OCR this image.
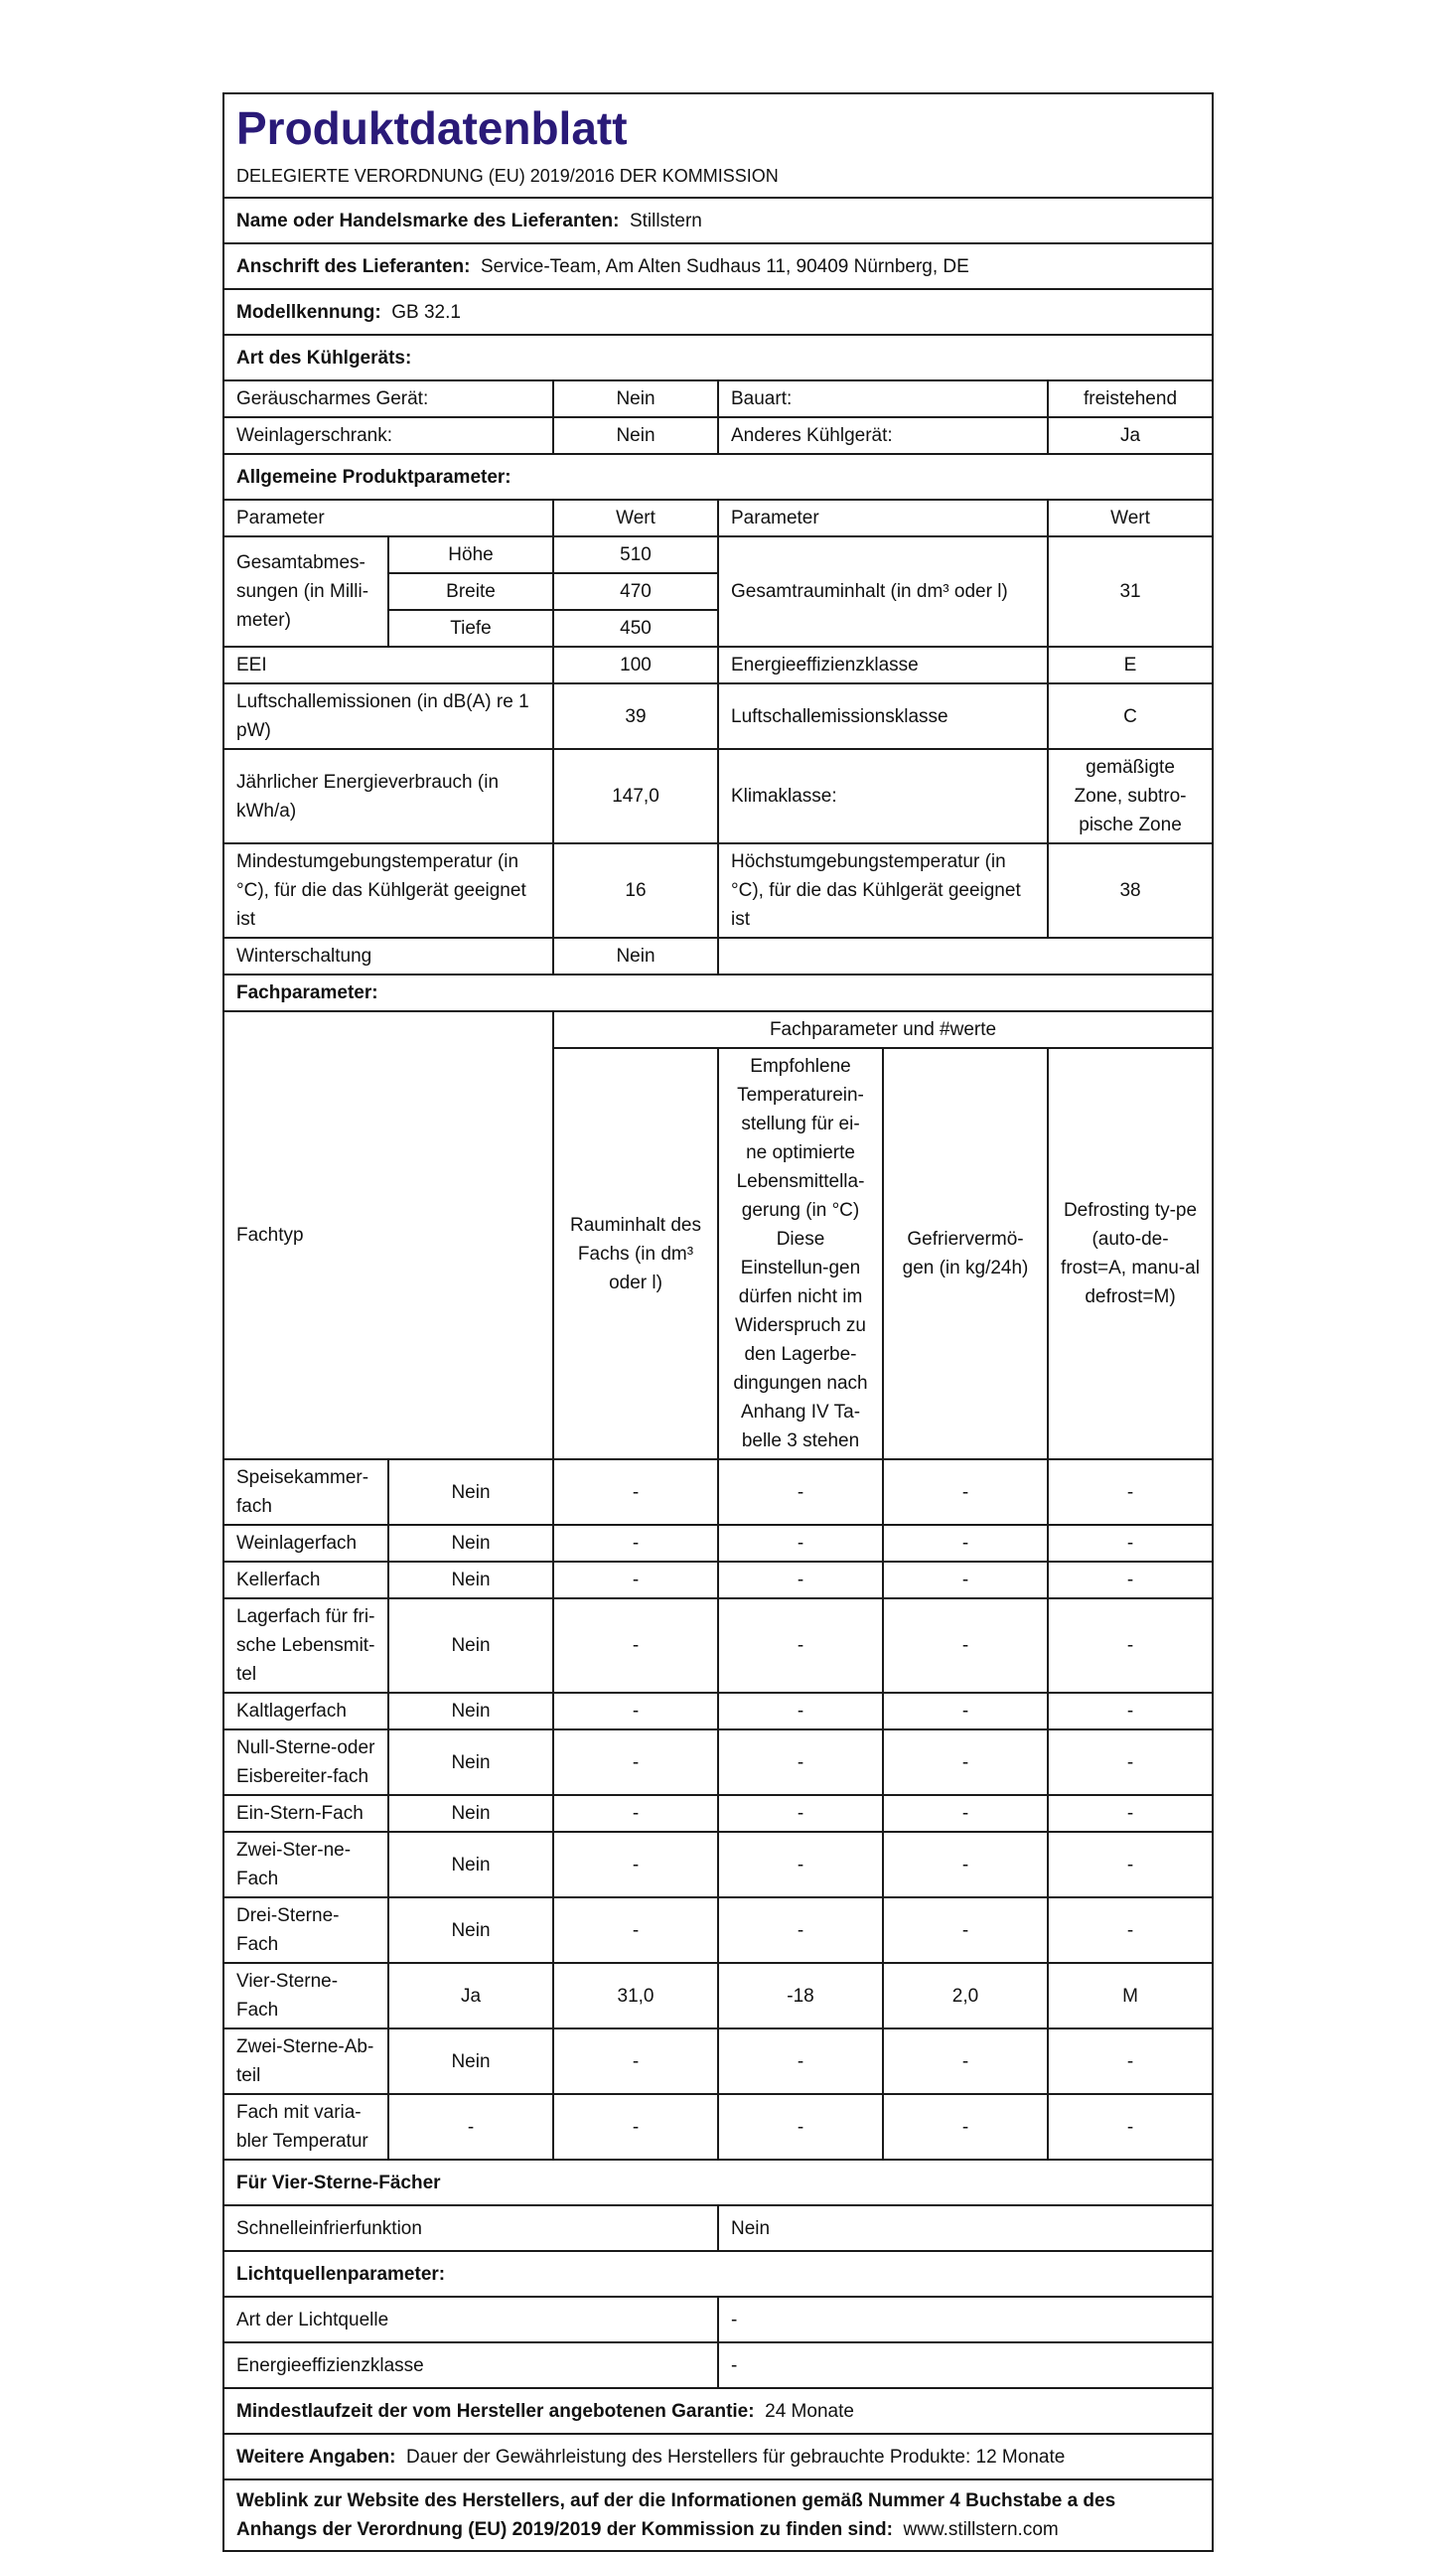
Produktdatenblatt					
DELEGIERTE VERORDNUNG (EU) 2019/2016 DER KOMMISSION					
Name oder Handelsmarke des Lieferanten: Stillstern					
Anschrift des Lieferanten: Service-Team, Am Alten Sudhaus 11, 90409 Nürnberg, DE					
Modellkennung: GB 32.1					
Art des Kühlgeräts:					
Geräuscharmes Gerät:		Nein	Bauart:		freistehend
Weinlagerschrank:		Nein	Anderes Kühlgerät:		Ja
Allgemeine Produktparameter:					
Parameter		Wert	Parameter		Wert
Gesamtabmes-
sungen (in Milli-
meter)	Höhe	510	Gesamtrauminhalt (in dm³ oder l)		31
	Breite	470			
	Tiefe	450			
EEI		100	Energieeffizienzklasse		E
Luftschallemissionen (in dB(A) re 1 pW)		39	Luftschallemissionsklasse		C
Jährlicher Energieverbrauch (in kWh/a)		147,0	Klimaklasse:		gemäßigte Zone, subtro-pische Zone
Mindestumgebungstemperatur (in °C), für die das Kühlgerät geeignet ist		16	Höchstumgebungstemperatur (in °C), für die das Kühlgerät geeignet ist		38
Winterschaltung		Nein			
Fachparameter:					
Fachtyp		Fachparameter und #werte			
		Rauminhalt des Fachs (in dm³ oder l)	Empfohlene Temperaturein-stellung für ei-ne optimierte Lebensmittella-gerung (in °C) Diese Einstellun-gen dürfen nicht im Widerspruch zu den Lagerbe-dingungen nach Anhang IV Ta-belle 3 stehen	Gefriervermö-gen (in kg/24h)	Defrosting ty-pe (auto-de-frost=A, manu-al defrost=M)
Speisekammer-fach	Nein	-	-	-	-
Weinlagerfach	Nein	-	-	-	-
Kellerfach	Nein	-	-	-	-
Lagerfach für fri-sche Lebensmit-tel	Nein	-	-	-	-
Kaltlagerfach	Nein	-	-	-	-
Null-Sterne-oder Eisbereiter-fach	Nein	-	-	-	-
Ein-Stern-Fach	Nein	-	-	-	-
Zwei-Ster-ne-Fach	Nein	-	-	-	-
Drei-Sterne-Fach	Nein	-	-	-	-
Vier-Sterne-Fach	Ja	31,0	-18	2,0	M
Zwei-Sterne-Ab-teil	Nein	-	-	-	-
Fach mit varia-bler Temperatur	-	-	-	-	-
Für Vier-Sterne-Fächer					
Schnelleinfrierfunktion			Nein		
Lichtquellenparameter:					
Art der Lichtquelle			-		
Energieeffizienzklasse			-		
Mindestlaufzeit der vom Hersteller angebotenen Garantie: 24 Monate					
Weitere Angaben: Dauer der Gewährleistung des Herstellers für gebrauchte Produkte: 12 Monate					
Weblink zur Website des Herstellers, auf der die Informationen gemäß Nummer 4 Buchstabe a des Anhangs der Verordnung (EU) 2019/2019 der Kommission zu finden sind: www.stillstern.com					
